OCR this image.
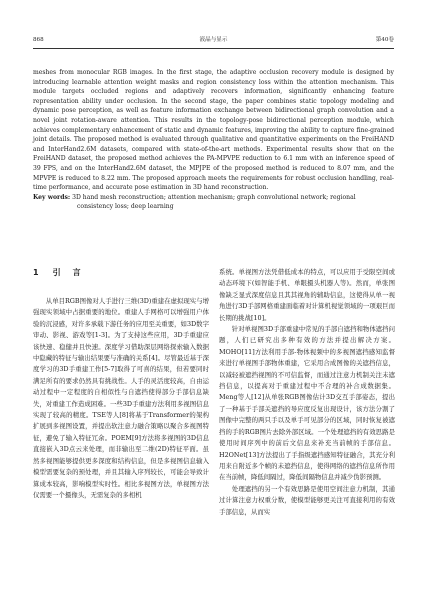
868	液晶与显示	第40卷

meshes from monocular RGB images. In the first stage, the adaptive occlusion recovery module is designed by introducing learnable attention weight masks and region consistency loss within the attention mechanism. This module targets occluded regions and adaptively recovers information, significantly enhancing feature representation ability under occlusion. In the second stage, the paper combines static topology modeling and dynamic pose perception, as well as feature information exchange between bidirectional graph convolution and a novel joint rotation-aware attention. This results in the topology-pose bidirectional perception module, which achieves complementary enhancement of static and dynamic features, improving the ability to capture fine-grained joint details. The proposed method is evaluated through qualitative and quantitative experiments on the FreiHAND and InterHand2.6M datasets, compared with state-of-the-art methods. Experimental results show that on the FreiHAND dataset, the proposed method achieves the PA-MPVPE reduction to 6.1 mm with an inference speed of 39 FPS, and on the InterHand2.6M dataset, the MPJPE of the proposed method is reduced to 8.07 mm, and the MPVPE is reduced to 8.22 mm. The proposed approach meets the requirements for robust occlusion handling, real-time performance, and accurate pose estimation in 3D hand reconstruction.

Key words: 3D hand mesh reconstruction; attention mechanism; graph convolutional network; regional
consistency loss; deep learning

1 引　言

从单目RGB图像对人手进行三维(3D)重建在虚拟现实与增强现实领域中占据重要的地位。重建人手网格可以增强用户体验的沉浸感，对许多承载下游任务的应用至关重要，如3D数字审动、影视、游戏等[1-3]。为了支持这些应用，3D手重建应该快速、稳健并且快速。深度学习借助深层网络探索输入数据中隐藏的特征与输出结果要与准确的关系[4]。尽管最近基于深度学习的3D手重建工作[5-7]取得了可喜的结果，但若要同时满足所有的要求仍然具有挑战性。人手的灵活度较高，自由运动过程中一定程度的自相似性与自遮挡使得部分手部信息缺失，对重建工作造成困难。一些3D手重建方法利用多视图信息实现了较高的精度。TSE等人[8]将基于Transformer的架构扩展到多视图设置，并提出软注意力融合策略以聚合多视图特征，避免了输入特征冗余。POEM[9]方法将多视图的3D信息直接嵌入3D点云来处理，而非输出至二维(2D)特征平面。虽然多视图能够提供更多深度和结构信息，但是多视图信息输入模型需要复杂的预处理，并且其输入序列较长，可能会导致计算成本较高，影响模型实时性。相比多视图方法，单视图方法仅需要一个摄像头，无需复杂的多相机

系统。单视图方法凭借低成本的特点，可以应用于受限空间或动态环境下(如智能手机、单眼摄头机器人等)。然而，单张图像缺乏显式深度信息且其其视角的辅助信息，这使得从单一视角进行3D手部网格重建面临着对计算机视觉领域的一项艰巨而长期的挑战[10]。

针对单视图3D手部重建中常见的手部自遮挡和物体遮挡问题，人们已研究出多种有效的方法并提出解决方案。MOHO[11]方法利用手部-物体视频中的多视图遮挡感知监督来进行单视图手部物体重建，它采用合成图像的关遮挡信息，以减轻被遮挡视图的不可信监督，而通过注意力机制关注未遮挡信息，以提高对于重建过程中不合理的补合成数据集。Meng等人[12]从单张RGB图像估计3D交互手部姿态，提出了一种基于手部关遮挡的导应度反复出现设计，该方法分割了图像中完整的两只手以及单手可见部分的区域，同时恢复被遮挡的手的RGB图片去除外部区域。一个处理遮挡的有效思路是使用时间序列中的前后文信息来补充当前帧的手部信息。H2ONet[13]方法提出了手指级遮挡感知特征融合，其充分利用来自附近多个帧的未遮挡信息，使得网络的遮挡信息所作用在当前帧，降低间隔过，降低间隔物信息并减少伪影预测。

处理遮挡的另一个有效思路是使用空间注意力机制，其通过计算注意力权重分数，使模型能够更关注可直接利用的有效手部信息，从而实
